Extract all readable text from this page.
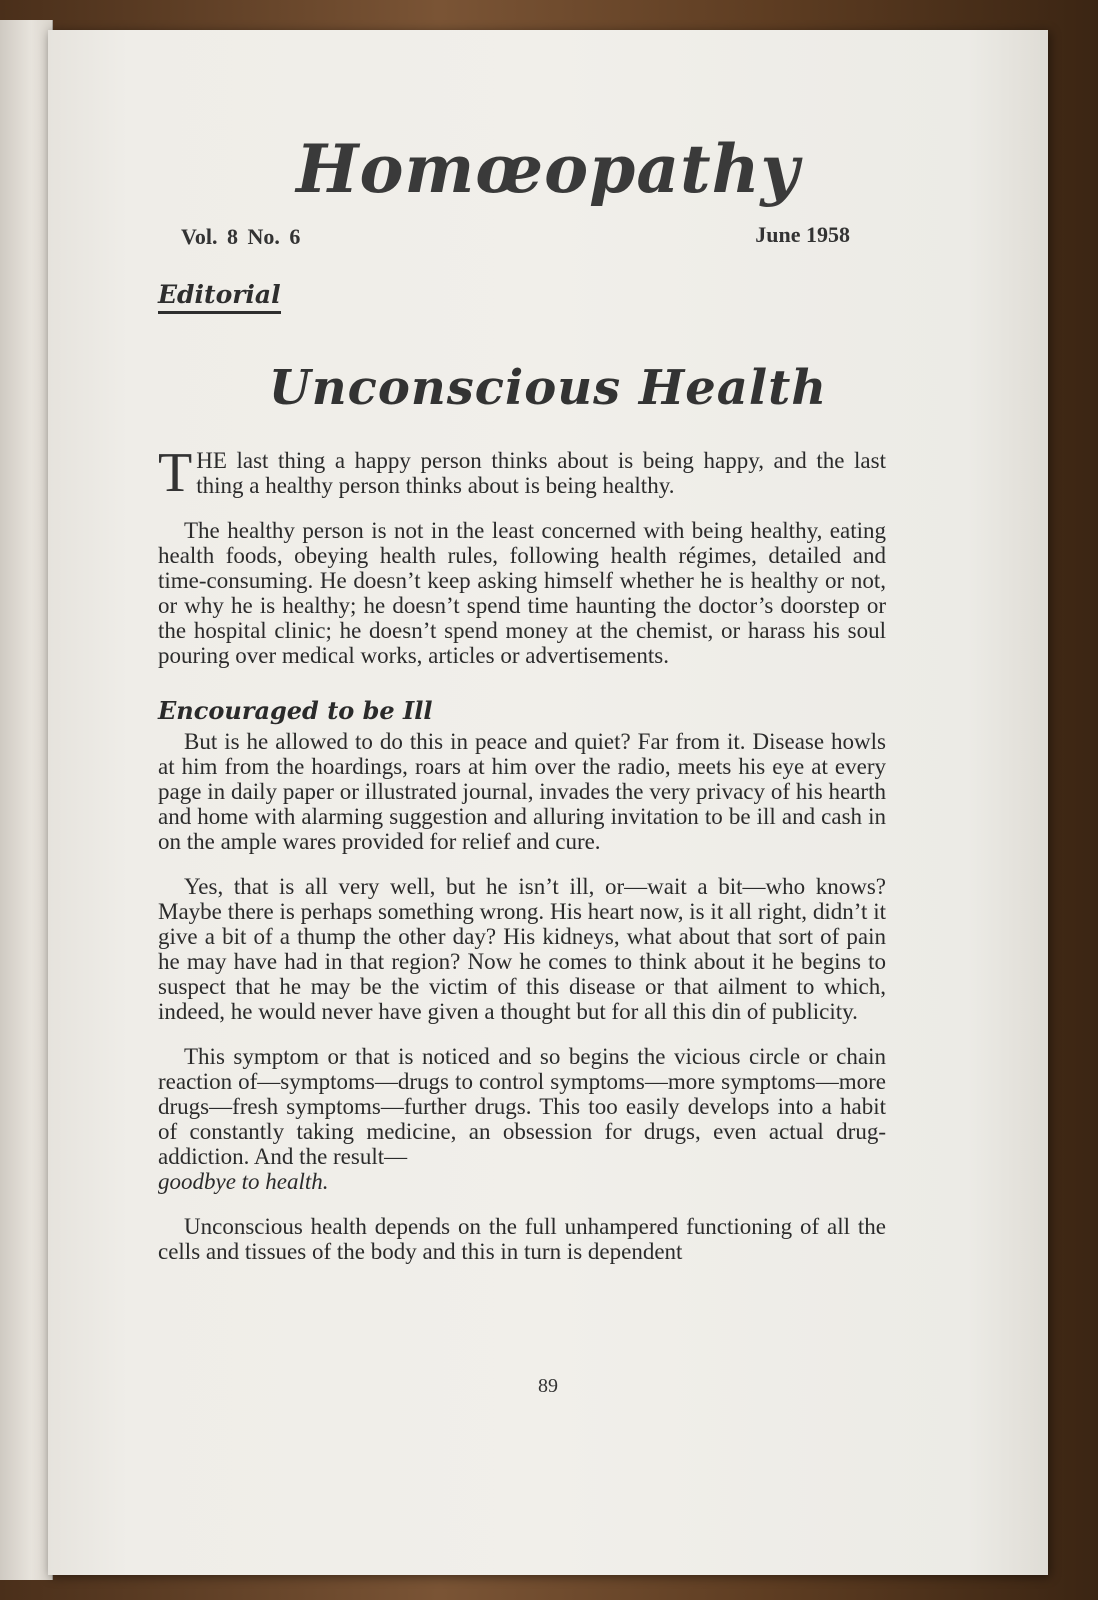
Homœopathy
Vol. 8 No. 6	June 1958
Editorial
Unconscious Health

THE last thing a happy person thinks about is being happy, and the last thing a healthy person thinks about is being healthy.

The healthy person is not in the least concerned with being healthy, eating health foods, obeying health rules, following health régimes, detailed and time-consuming. He doesn’t keep asking himself whether he is healthy or not, or why he is healthy; he doesn’t spend time haunting the doctor’s doorstep or the hospital clinic; he doesn’t spend money at the chemist, or harass his soul pouring over medical works, articles or advertisements.

Encouraged to be Ill

But is he allowed to do this in peace and quiet? Far from it. Disease howls at him from the hoardings, roars at him over the radio, meets his eye at every page in daily paper or illustrated journal, invades the very privacy of his hearth and home with alarming suggestion and alluring invitation to be ill and cash in on the ample wares provided for relief and cure.

Yes, that is all very well, but he isn’t ill, or—wait a bit—who knows? Maybe there is perhaps something wrong. His heart now, is it all right, didn’t it give a bit of a thump the other day? His kidneys, what about that sort of pain he may have had in that region? Now he comes to think about it he begins to suspect that he may be the victim of this disease or that ailment to which, indeed, he would never have given a thought but for all this din of publicity.

This symptom or that is noticed and so begins the vicious circle or chain reaction of—symptoms—drugs to control symptoms—more symptoms—more drugs—fresh symptoms—further drugs. This too easily develops into a habit of constantly taking medicine, an obsession for drugs, even actual drug-addiction. And the result—
goodbye to health.

Unconscious health depends on the full unhampered functioning of all the cells and tissues of the body and this in turn is dependent

89
